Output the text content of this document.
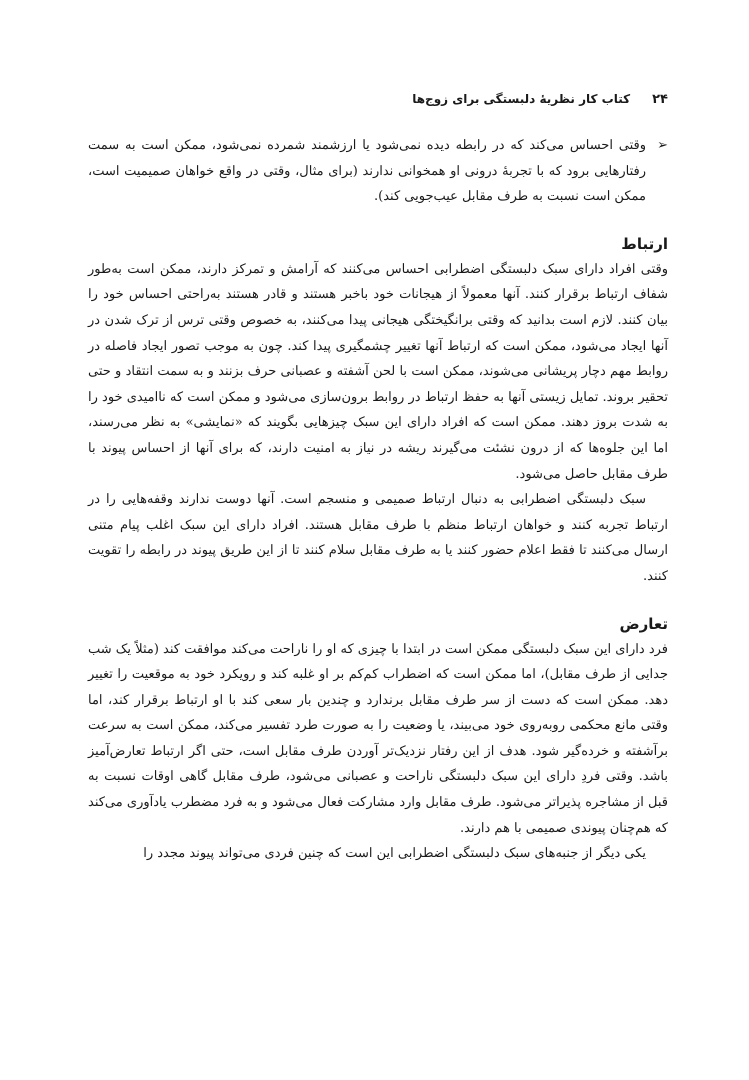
۲۴
کتاب کار نظریهٔ دلبستگی برای زوج‌ها
➢
وقتی احساس می‌کند که در رابطه دیده نمی‌شود یا ارزشمند شمرده نمی‌شود، ممکن است به سمت رفتارهایی برود که با تجربهٔ درونی او همخوانی ندارند (برای مثال، وقتی در واقع خواهان صمیمیت است، ممکن است نسبت به طرف مقابل عیب‌جویی کند).
ارتباط

وقتی افراد دارای سبک دلبستگی اضطرابی احساس می‌کنند که آرامش و تمرکز دارند، ممکن است به‌طور شفاف ارتباط برقرار کنند. آنها معمولاً از هیجانات خود باخبر هستند و قادر هستند به‌راحتی احساس خود را بیان کنند. لازم است بدانید که وقتی برانگیختگی هیجانی پیدا می‌کنند، به خصوص وقتی ترس از ترک شدن در آنها ایجاد می‌شود، ممکن است که ارتباط آنها تغییر چشمگیری پیدا کند. چون به موجب تصور ایجاد فاصله در روابط مهم دچار پریشانی می‌شوند، ممکن است با لحن آشفته و عصبانی حرف بزنند و به سمت انتقاد و حتی تحقیر بروند. تمایل زیستی آنها به حفظ ارتباط در روابط برون‌سازی می‌شود و ممکن است که ناامیدی خود را به شدت بروز دهند. ممکن است که افراد دارای این سبک چیزهایی بگویند که «نمایشی» به نظر می‌رسند، اما این جلوه‌ها که از درون نشئت می‌گیرند ریشه در نیاز به امنیت دارند، که برای آنها از احساس پیوند با طرف مقابل حاصل می‌شود.

سبک دلبستگی اضطرابی به دنبال ارتباط صمیمی و منسجم است. آنها دوست ندارند وقفه‌هایی را در ارتباط تجربه کنند و خواهان ارتباط منظم با طرف مقابل هستند. افراد دارای این سبک اغلب پیام متنی ارسال می‌کنند تا فقط اعلام حضور کنند یا به طرف مقابل سلام کنند تا از این طریق پیوند در رابطه را تقویت کنند.

تعارض

فرد دارای این سبک دلبستگی ممکن است در ابتدا با چیزی که او را ناراحت می‌کند موافقت کند (مثلاً یک شب جدایی از طرف مقابل)، اما ممکن است که اضطراب کم‌کم بر او غلبه کند و رویکرد خود به موقعیت را تغییر دهد. ممکن است که دست از سر طرف مقابل برندارد و چندین بار سعی کند با او ارتباط برقرار کند، اما وقتی مانع محکمی روبه‌روی خود می‌بیند، یا وضعیت را به صورت طرد تفسیر می‌کند، ممکن است به سرعت برآشفته و خرده‌گیر شود. هدف از این رفتار نزدیک‌تر آوردن طرف مقابل است، حتی اگر ارتباط تعارض‌آمیز باشد. وقتی فردِ دارای این سبک دلبستگی ناراحت و عصبانی می‌شود، طرف مقابل گاهی اوقات نسبت به قبل از مشاجره پذیراتر می‌شود. طرف مقابل وارد مشارکت فعال می‌شود و به فرد مضطرب یادآوری می‌کند که هم‌چنان پیوندی صمیمی با هم دارند.

یکی دیگر از جنبه‌های سبک دلبستگی اضطرابی این است که چنین فردی می‌تواند پیوند مجدد را
